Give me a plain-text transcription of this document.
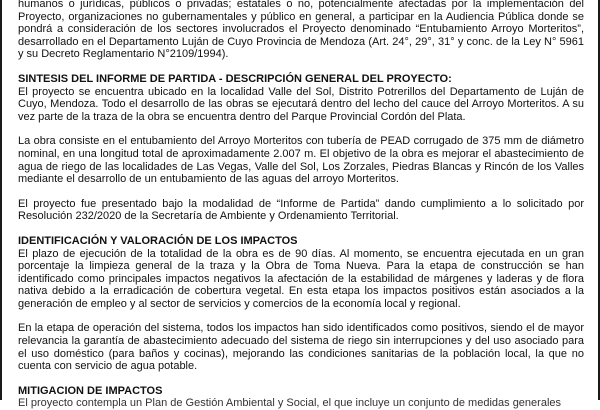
humanos o jurídicas, públicos o privadas; estatales o no, potencialmente afectadas por la implementación del Proyecto, organizaciones no gubernamentales y público en general, a participar en la Audiencia Pública donde se pondrá a consideración de los sectores involucrados el Proyecto denominado “Entubamiento Arroyo Morteritos”, desarrollado en el Departamento Luján de Cuyo Provincia de Mendoza (Art. 24°, 29°, 31° y conc. de la Ley N° 5961 y su Decreto Reglamentario N°2109/1994).

SINTESIS DEL INFORME DE PARTIDA - DESCRIPCIÓN GENERAL DEL PROYECTO:

El proyecto se encuentra ubicado en la localidad Valle del Sol, Distrito Potrerillos del Departamento de Luján de Cuyo, Mendoza. Todo el desarrollo de las obras se ejecutará dentro del lecho del cauce del Arroyo Morteritos. A su vez parte de la traza de la obra se encuentra dentro del Parque Provincial Cordón del Plata.

La obra consiste en el entubamiento del Arroyo Morteritos con tubería de PEAD corrugado de 375 mm de diámetro nominal, en una longitud total de aproximadamente 2.007 m. El objetivo de la obra es mejorar el abastecimiento de agua de riego de las localidades de Las Vegas, Valle del Sol, Los Zorzales, Piedras Blancas y Rincón de los Valles mediante el desarrollo de un entubamiento de las aguas del arroyo Morteritos.

El proyecto fue presentado bajo la modalidad de “Informe de Partida” dando cumplimiento a lo solicitado por Resolución 232/2020 de la Secretaría de Ambiente y Ordenamiento Territorial.

IDENTIFICACIÓN Y VALORACIÓN DE LOS IMPACTOS

El plazo de ejecución de la totalidad de la obra es de 90 días. Al momento, se encuentra ejecutada en un gran porcentaje la limpieza general de la traza y la Obra de Toma Nueva. Para la etapa de construcción se han identificado como principales impactos negativos la afectación de la estabilidad de márgenes y laderas y de flora nativa debido a la erradicación de cobertura vegetal. En esta etapa los impactos positivos están asociados a la generación de empleo y al sector de servicios y comercios de la economía local y regional.

En la etapa de operación del sistema, todos los impactos han sido identificados como positivos, siendo el de mayor relevancia la garantía de abastecimiento adecuado del sistema de riego sin interrupciones y del uso asociado para el uso doméstico (para baños y cocinas), mejorando las condiciones sanitarias de la población local, la que no cuenta con servicio de agua potable.

MITIGACION DE IMPACTOS

El proyecto contempla un Plan de Gestión Ambiental y Social, el que incluye un conjunto de medidas generales
